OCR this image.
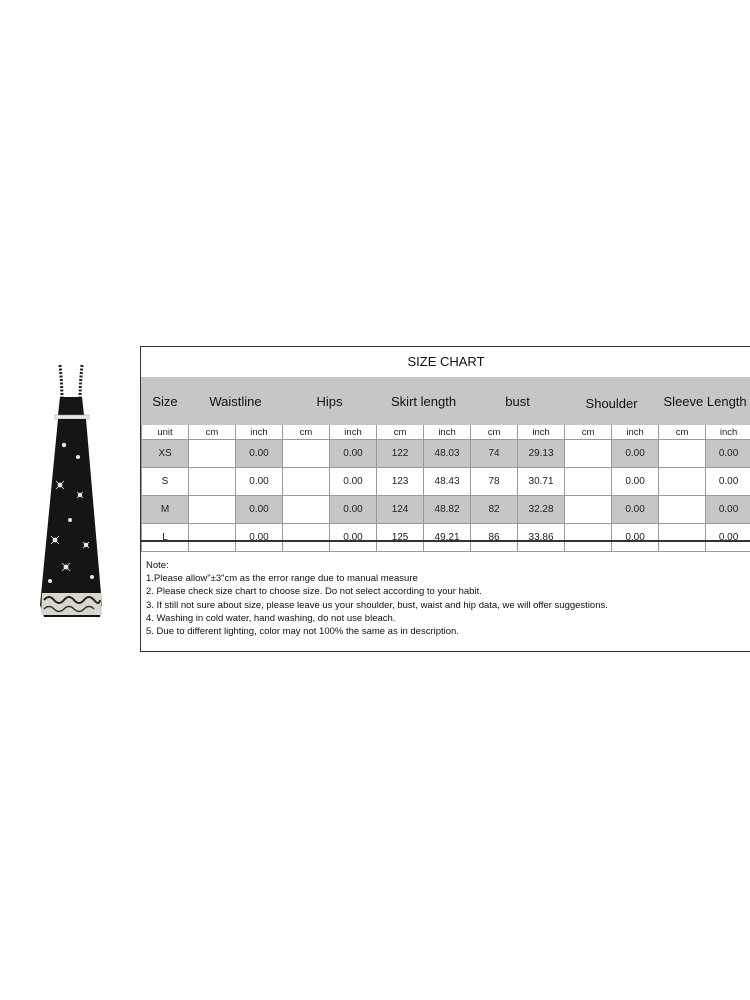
SIZE CHART
Size	Waistline		Hips		Skirt length		bust		Shoulder		Sleeve Length	
unit	cm	inch	cm	inch	cm	inch	cm	inch	cm	inch	cm	inch
XS		0.00		0.00	122	48.03	74	29.13		0.00		0.00
S		0.00		0.00	123	48.43	78	30.71		0.00		0.00
M		0.00		0.00	124	48.82	82	32.28		0.00		0.00
L		0.00		0.00	125	49.21	86	33.86		0.00		0.00
Note:
1.Please allow"±3"cm as the error range due to manual measure
2. Please check size chart to choose size. Do not select according to your habit.
3. If still not sure about size, please leave us your shoulder, bust, waist and hip data, we will offer suggestions.
4. Washing in cold water, hand washing, do not use bleach.
5. Due to different lighting, color may not 100% the same as in description.
